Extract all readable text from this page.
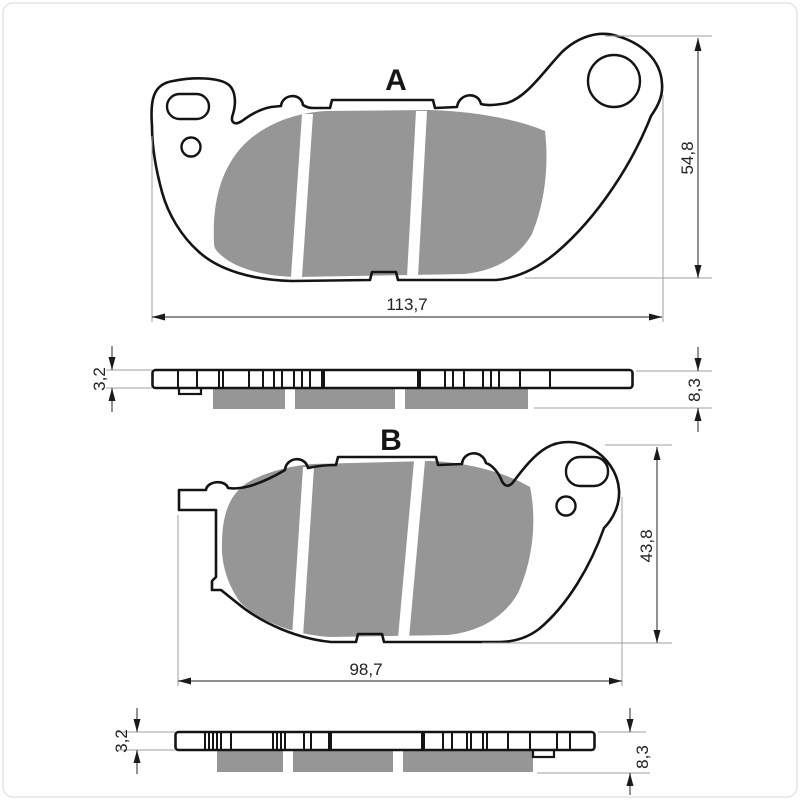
A
113,7
54,8
3,2	8,3
B
98,7
43,8
3,2
8,3
